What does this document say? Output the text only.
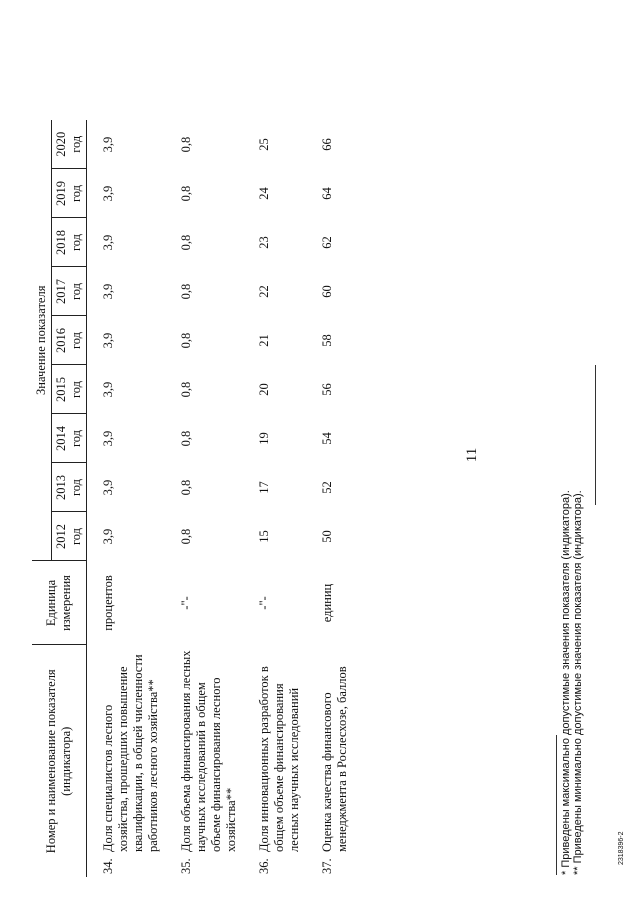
Номер и наименование показателя (индикатора)	Единица измерения	Значение показателя								
		2012 год	2013 год	2014 год	2015 год	2016 год	2017 год	2018 год	2019 год	2020 год

34.
Доля специалистов лесного хозяйства, прошедших повышение квалификации, в общей численности работников лесного хозяйства**	процентов	3,9	3,9	3,9	3,9	3,9	3,9	3,9	3,9	3,9

35.
Доля объема финансирования лесных научных исследований в общем объеме финансирования лесного хозяйства**	-"-	0,8	0,8	0,8	0,8	0,8	0,8	0,8	0,8	0,8

36.
Доля инновационных разработок в общем объеме финансирования лесных научных исследований	-"-	15	17	19	20	21	22	23	24	25

37.
Оценка качества финансового менеджмента в Рослесхозе, баллов	единиц	50	52	54	56	58	60	62	64	66
11
* Приведены максимально допустимые значения показателя (индикатора). ** Приведены минимально допустимые значения показателя (индикатора).	2318396-2
